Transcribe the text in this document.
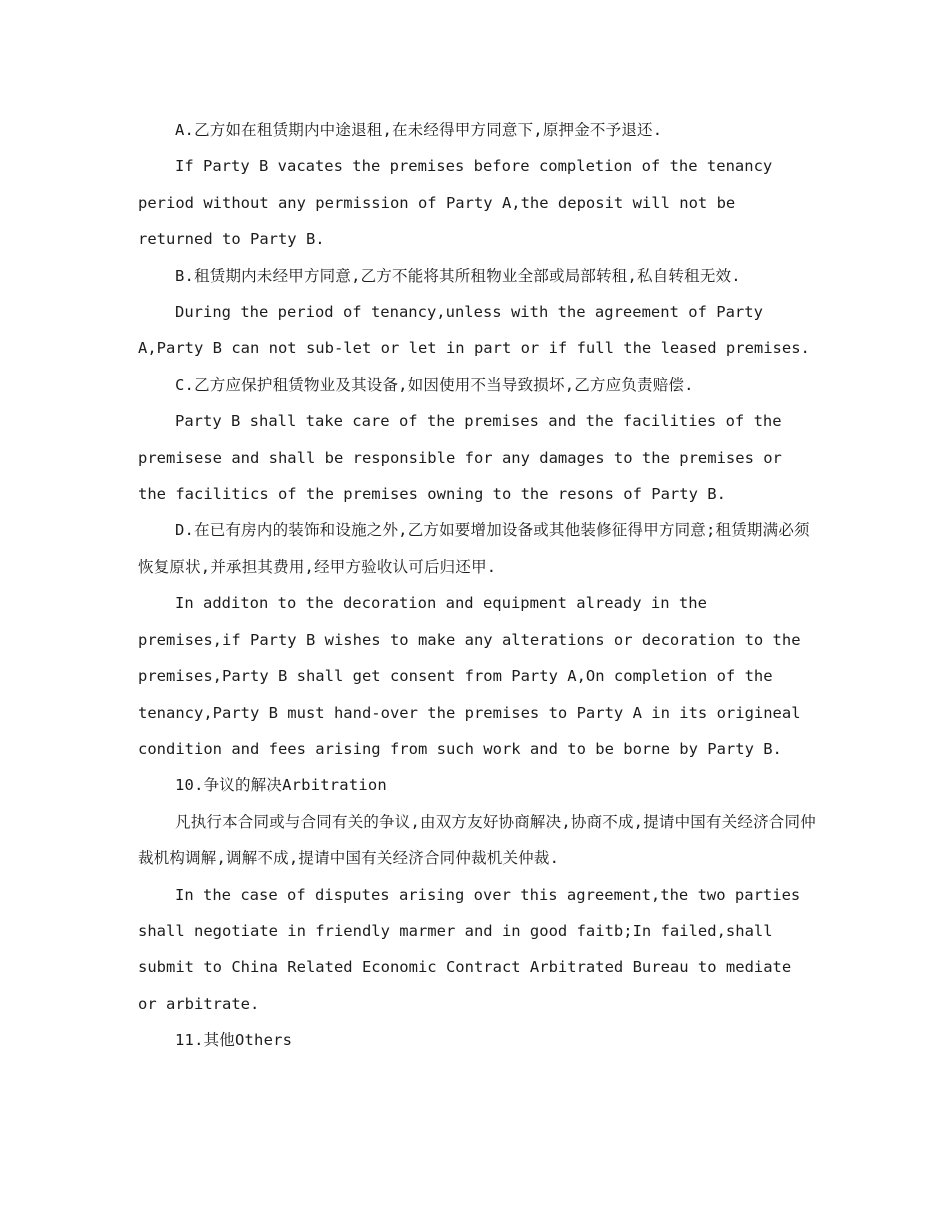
A.乙方如在租赁期内中途退租,在未经得甲方同意下,原押金不予退还.

If Party B vacates the premises before completion of the tenancy period without any permission of Party A,the deposit will not be returned to Party B.

B.租赁期内未经甲方同意,乙方不能将其所租物业全部或局部转租,私自转租无效.

During the period of tenancy,unless with the agreement of Party A,Party B can not sub-let or let in part or if full the leased premises.

C.乙方应保护租赁物业及其设备,如因使用不当导致损坏,乙方应负责赔偿.

Party B shall take care of the premises and the facilities of the premisese and shall be responsible for any damages to the premises or the facilitics of the premises owning to the resons of Party B.

D.在已有房内的装饰和设施之外,乙方如要增加设备或其他装修征得甲方同意;租赁期满必须恢复原状,并承担其费用,经甲方验收认可后归还甲.

In additon to the decoration and equipment already in the premises,if Party B wishes to make any alterations or decoration to the premises,Party B shall get consent from Party A,On completion of the tenancy,Party B must hand-over the premises to Party A in its origineal condition and fees arising from such work and to be borne by Party B.

10.争议的解决Arbitration

凡执行本合同或与合同有关的争议,由双方友好协商解决,协商不成,提请中国有关经济合同仲裁机构调解,调解不成,提请中国有关经济合同仲裁机关仲裁.

In the case of disputes arising over this agreement,the two parties shall negotiate in friendly marmer and in good faitb;In failed,shall submit to China Related Economic Contract Arbitrated Bureau to mediate or arbitrate.

11.其他Others
